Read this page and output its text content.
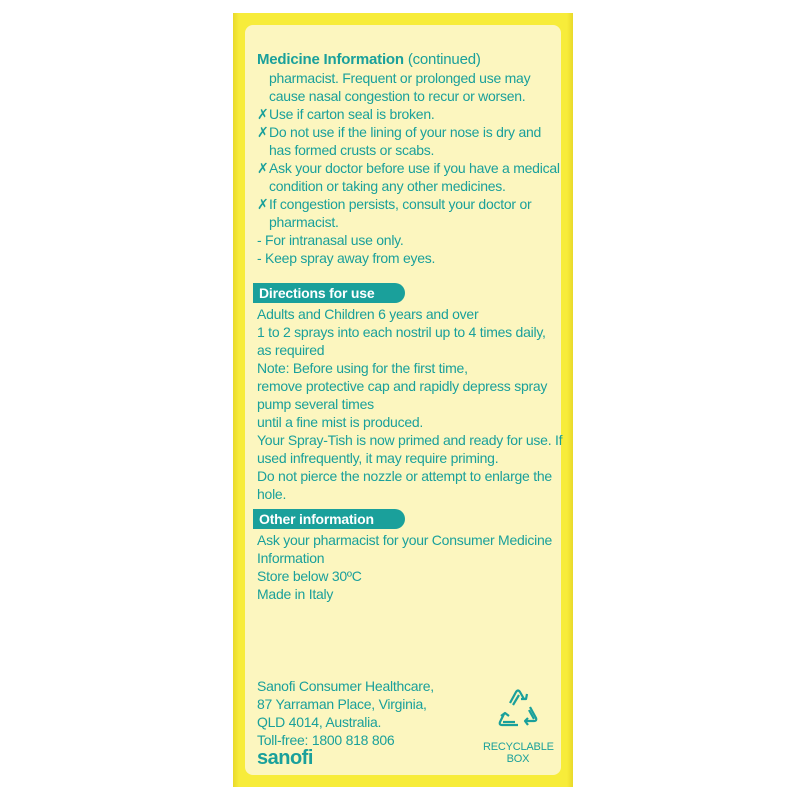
Medicine Information (continued)
pharmacist. Frequent or prolonged use may
cause nasal congestion to recur or worsen.
✗Use if carton seal is broken.
✗Do not use if the lining of your nose is dry and
has formed crusts or scabs.
✗Ask your doctor before use if you have a medical
condition or taking any other medicines.
✗If congestion persists, consult your doctor or
pharmacist.
- For intranasal use only.
- Keep spray away from eyes.
Directions for use
Adults and Children 6 years and over
1 to 2 sprays into each nostril up to 4 times daily,
as required
Note: Before using for the first time,
remove protective cap and rapidly depress spray
pump several times
until a fine mist is produced.
Your Spray-Tish is now primed and ready for use. If
used infrequently, it may require priming.
Do not pierce the nozzle or attempt to enlarge the
hole.
Other information
Ask your pharmacist for your Consumer Medicine
Information
Store below 30ºC
Made in Italy
Sanofi Consumer Healthcare,
87 Yarraman Place, Virginia,
QLD 4014, Australia.
Toll-free: 1800 818 806
sanofi	RECYCLABLE
BOX
